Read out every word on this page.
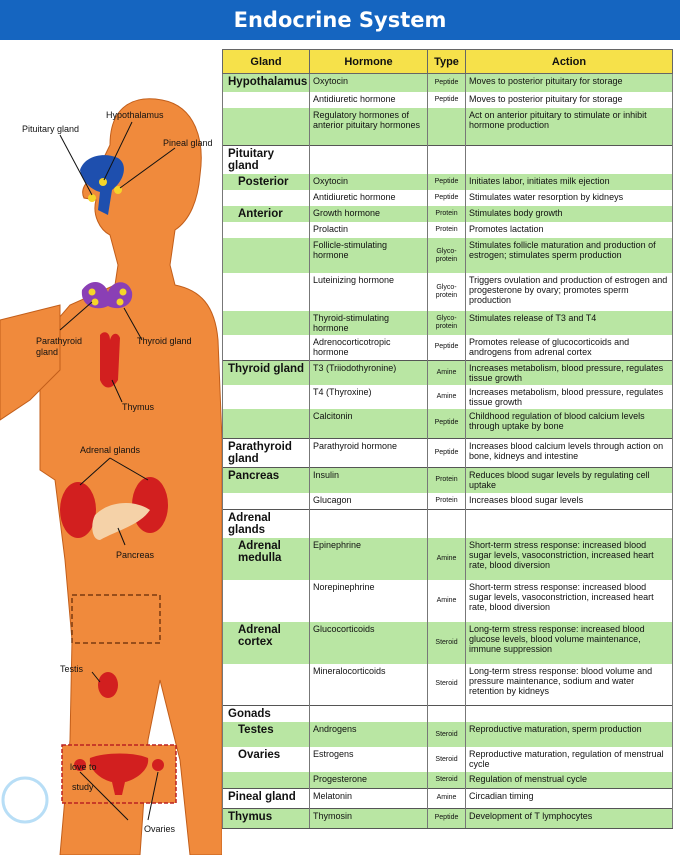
Endocrine System
love to
study
Pituitary gland
Hypothalamus
Pineal gland
Parathyroid
gland
Thyroid gland
Thymus
Adrenal glands
Pancreas
Testis
Ovaries
Gland	Hormone	Type	Action
Hypothalamus	Oxytocin	Peptide	Moves to posterior pituitary for storage
	Antidiuretic hormone	Peptide	Moves to posterior pituitary for storage
	Regulatory hormones of anterior pituitary hormones		Act on anterior pituitary to stimulate or inhibit hormone production
Pituitary gland			

Posterior	Oxytocin	Peptide	Initiates labor, initiates milk ejection
	Antidiuretic hormone	Peptide	Stimulates water resorption by kidneys

Anterior	Growth hormone	Protein	Stimulates body growth
	Prolactin	Protein	Promotes lactation
	Follicle-stimulating hormone	Glyco-protein	Stimulates follicle maturation and production of estrogen; stimulates sperm production
	Luteinizing hormone	Glyco-protein	Triggers ovulation and production of estrogen and progesterone by ovary; promotes sperm production
	Thyroid-stimulating hormone	Glyco-protein	Stimulates release of T3 and T4
	Adrenocorticotropic hormone	Peptide	Promotes release of glucocorticoids and androgens from adrenal cortex
Thyroid gland	T3 (Triiodothyronine)	Amine	Increases metabolism, blood pressure, regulates tissue growth
	T4 (Thyroxine)	Amine	Increases metabolism, blood pressure, regulates tissue growth
	Calcitonin	Peptide	Childhood regulation of blood calcium levels through uptake by bone
Parathyroid gland	Parathyroid hormone	Peptide	Increases blood calcium levels through action on bone, kidneys and intestine
Pancreas	Insulin	Protein	Reduces blood sugar levels by regulating cell uptake
	Glucagon	Protein	Increases blood sugar levels
Adrenal glands			

Adrenal medulla	Epinephrine	Amine	Short-term stress response: increased blood sugar levels, vasoconstriction, increased heart rate, blood diversion
	Norepinephrine	Amine	Short-term stress response: increased blood sugar levels, vasoconstriction, increased heart rate, blood diversion

Adrenal cortex	Glucocorticoids	Steroid	Long-term stress response: increased blood glucose levels, blood volume maintenance, immune suppression
	Mineralocorticoids	Steroid	Long-term stress response: blood volume and pressure maintenance, sodium and water retention by kidneys
Gonads			

Testes	Androgens	Steroid	Reproductive maturation, sperm production

Ovaries	Estrogens	Steroid	Reproductive maturation, regulation of menstrual cycle
	Progesterone	Steroid	Regulation of menstrual cycle
Pineal gland	Melatonin	Amine	Circadian timing
Thymus	Thymosin	Peptide	Development of T lymphocytes
